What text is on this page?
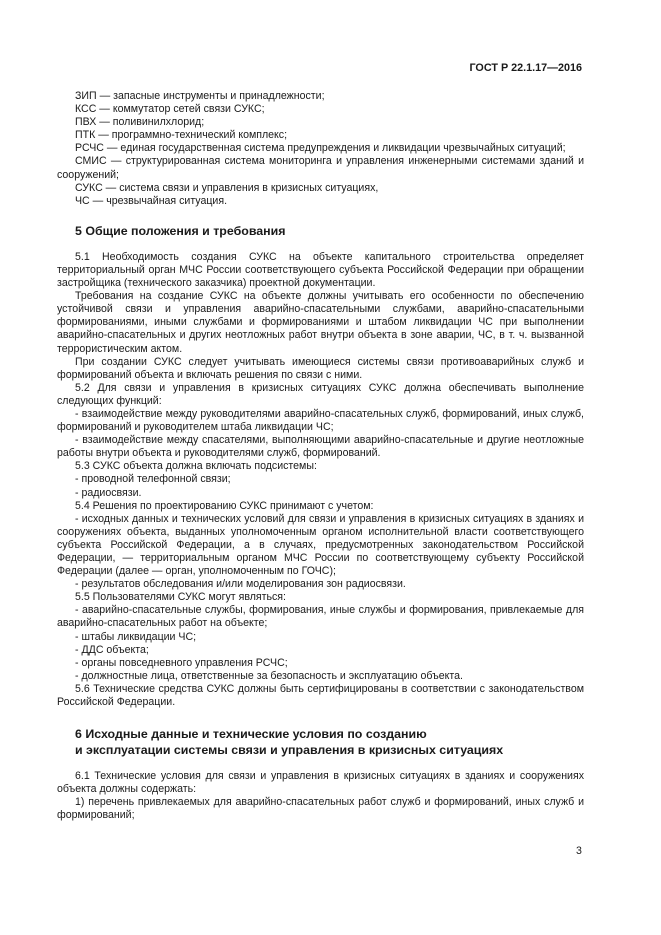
ГОСТ Р 22.1.17—2016

ЗИП — запасные инструменты и принадлежности;

КСС — коммутатор сетей связи СУКС;

ПВХ — поливинилхлорид;

ПТК — программно-технический комплекс;

РСЧС — единая государственная система предупреждения и ликвидации чрезвычайных ситуаций;

СМИС — структурированная система мониторинга и управления инженерными системами зданий и сооружений;

СУКС — система связи и управления в кризисных ситуациях,

ЧС — чрезвычайная ситуация.

5 Общие положения и требования

5.1 Необходимость создания СУКС на объекте капитального строительства определяет территориальный орган МЧС России соответствующего субъекта Российской Федерации при обращении застройщика (технического заказчика) проектной документации.

Требования на создание СУКС на объекте должны учитывать его особенности по обеспечению устойчивой связи и управления аварийно-спасательными службами, аварийно-спасательными формированиями, иными службами и формированиями и штабом ликвидации ЧС при выполнении аварийно-спасательных и других неотложных работ внутри объекта в зоне аварии, ЧС, в т. ч. вызванной террористическим актом.

При создании СУКС следует учитывать имеющиеся системы связи противоаварийных служб и формирований объекта и включать решения по связи с ними.

5.2 Для связи и управления в кризисных ситуациях СУКС должна обеспечивать выполнение следующих функций:

- взаимодействие между руководителями аварийно-спасательных служб, формирований, иных служб, формирований и руководителем штаба ликвидации ЧС;

- взаимодействие между спасателями, выполняющими аварийно-спасательные и другие неотложные работы внутри объекта и руководителями служб, формирований.

5.3 СУКС объекта должна включать подсистемы:

- проводной телефонной связи;

- радиосвязи.

5.4 Решения по проектированию СУКС принимают с учетом:

- исходных данных и технических условий для связи и управления в кризисных ситуациях в зданиях и сооружениях объекта, выданных уполномоченным органом исполнительной власти соответствующего субъекта Российской Федерации, а в случаях, предусмотренных законодательством Российской Федерации, — территориальным органом МЧС России по соответствующему субъекту Российской Федерации (далее — орган, уполномоченным по ГОЧС);

- результатов обследования и/или моделирования зон радиосвязи.

5.5 Пользователями СУКС могут являться:

- аварийно-спасательные службы, формирования, иные службы и формирования, привлекаемые для аварийно-спасательных работ на объекте;

- штабы ликвидации ЧС;

- ДДС объекта;

- органы повседневного управления РСЧС;

- должностные лица, ответственные за безопасность и эксплуатацию объекта.

5.6 Технические средства СУКС должны быть сертифицированы в соответствии с законодательством Российской Федерации.

6 Исходные данные и технические условия по созданию
и эксплуатации системы связи и управления в кризисных ситуациях

6.1 Технические условия для связи и управления в кризисных ситуациях в зданиях и сооружениях объекта должны содержать:

1) перечень привлекаемых для аварийно-спасательных работ служб и формирований, иных служб и формирований;

3
